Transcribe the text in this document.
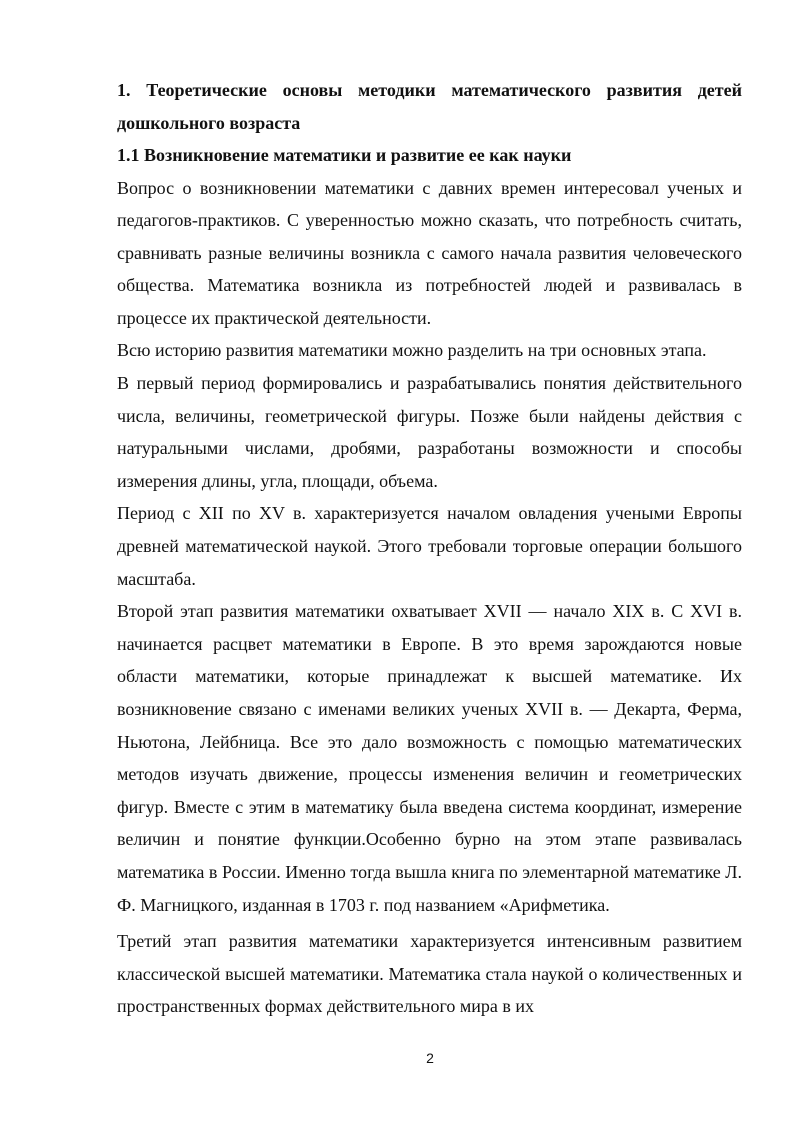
1. Теоретические основы методики математического развития детей дошкольного возраста

1.1 Возникновение математики и развитие ее как науки

Вопрос о возникновении математики с давних времен интересовал ученых и педагогов-практиков. С уверенностью можно сказать, что потребность считать, сравнивать разные величины возникла с самого начала развития человеческого общества. Математика возникла из потребностей людей и развивалась в процессе их практической деятельности.

Всю историю развития математики можно разделить на три основных этапа.

В первый период формировались и разрабатывались понятия действительного числа, величины, геометрической фигуры. Позже были найдены действия с натуральными числами, дробями, разработаны возможности и способы измерения длины, угла, площади, объема.

Период с XII по XV в. характеризуется началом овладения учеными Европы древней математической наукой. Этого требовали торговые операции большого масштаба.

Второй этап развития математики охватывает XVII — начало XIX в. С XVI в. начинается расцвет математики в Европе. В это время зарождаются новые области математики, которые принадлежат к высшей математике. Их возникновение связано с именами великих ученых XVII в. — Декарта, Ферма, Ньютона, Лейбница. Все это дало возможность с помощью математических методов изучать движение, процессы изменения величин и геометрических фигур. Вместе с этим в математику была введена система координат, измерение величин и понятие функции.Особенно бурно на этом этапе развивалась математика в России. Именно тогда вышла книга по элементарной математике Л. Ф. Магницкого, изданная в 1703 г. под названием «Арифметика.

Третий этап развития математики характеризуется интенсивным развитием классической высшей математики. Математика стала наукой о количественных и пространственных формах действительного мира в их

2
